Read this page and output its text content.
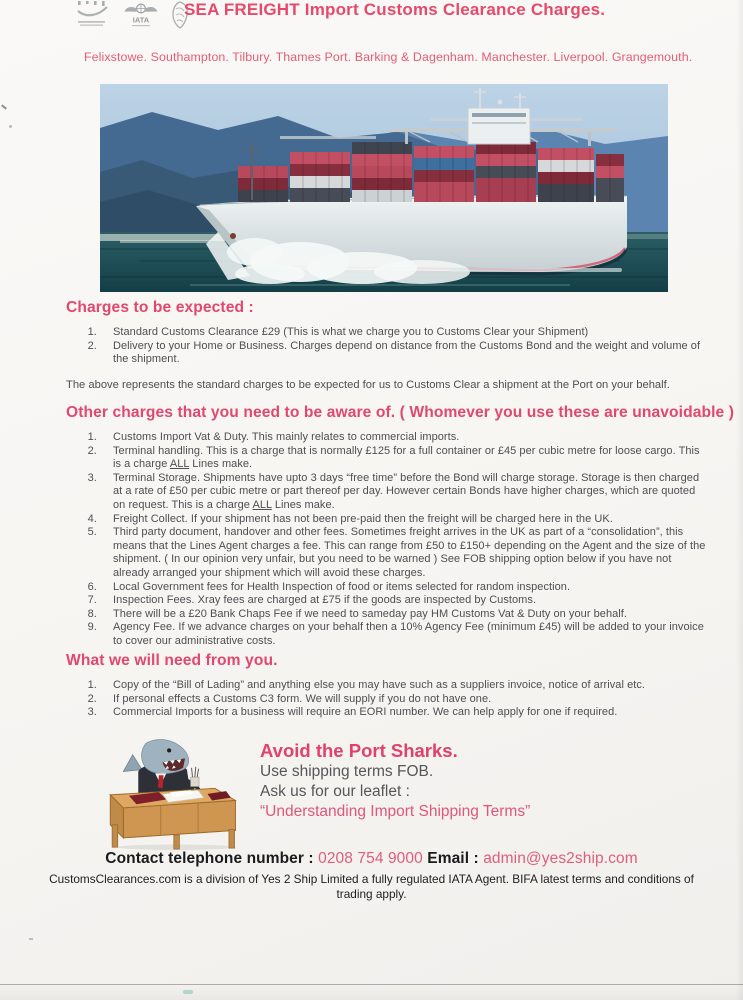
IATA
SEA FREIGHT Import Customs Clearance Charges.
Felixstowe. Southampton. Tilbury. Thames Port. Barking & Dagenham. Manchester. Liverpool. Grangemouth.
Charges to be expected :
1. Standard Customs Clearance £29 (This is what we charge you to Customs Clear your Shipment)
2. Delivery to your Home or Business. Charges depend on distance from the Customs Bond and the weight and volume of the shipment.

The above represents the standard charges to be expected for us to Customs Clear a shipment at the Port on your behalf.

Other charges that you need to be aware of. ( Whomever you use these are unavoidable )
1. Customs Import Vat & Duty. This mainly relates to commercial imports.
2. Terminal handling. This is a charge that is normally £125 for a full container or £45 per cubic metre for loose cargo. This is a charge ALL Lines make.
3. Terminal Storage. Shipments have upto 3 days “free time” before the Bond will charge storage. Storage is then charged at a rate of £50 per cubic metre or part thereof per day. However certain Bonds have higher charges, which are quoted on request. This is a charge ALL Lines make.
4. Freight Collect. If your shipment has not been pre-paid then the freight will be charged here in the UK.
5. Third party document, handover and other fees. Sometimes freight arrives in the UK as part of a “consolidation”, this means that the Lines Agent charges a fee. This can range from £50 to £150+ depending on the Agent and the size of the shipment. ( In our opinion very unfair, but you need to be warned ) See FOB shipping option below if you have not already arranged your shipment which will avoid these charges.
6. Local Government fees for Health Inspection of food or items selected for random inspection.
7. Inspection Fees. Xray fees are charged at £75 if the goods are inspected by Customs.
8. There will be a £20 Bank Chaps Fee if we need to sameday pay HM Customs Vat & Duty on your behalf.
9. Agency Fee. If we advance charges on your behalf then a 10% Agency Fee (minimum £45) will be added to your invoice to cover our administrative costs.
What we will need from you.
1. Copy of the “Bill of Lading” and anything else you may have such as a suppliers invoice, notice of arrival etc.
2. If personal effects a Customs C3 form. We will supply if you do not have one.
3. Commercial Imports for a business will require an EORI number. We can help apply for one if required.
Avoid the Port Sharks.
Use shipping terms FOB.
Ask us for our leaflet :
“Understanding Import Shipping Terms”
Contact telephone number : 0208 754 9000 Email : admin@yes2ship.com
CustomsClearances.com is a division of Yes 2 Ship Limited a fully regulated IATA Agent. BIFA latest terms and conditions of trading apply.
